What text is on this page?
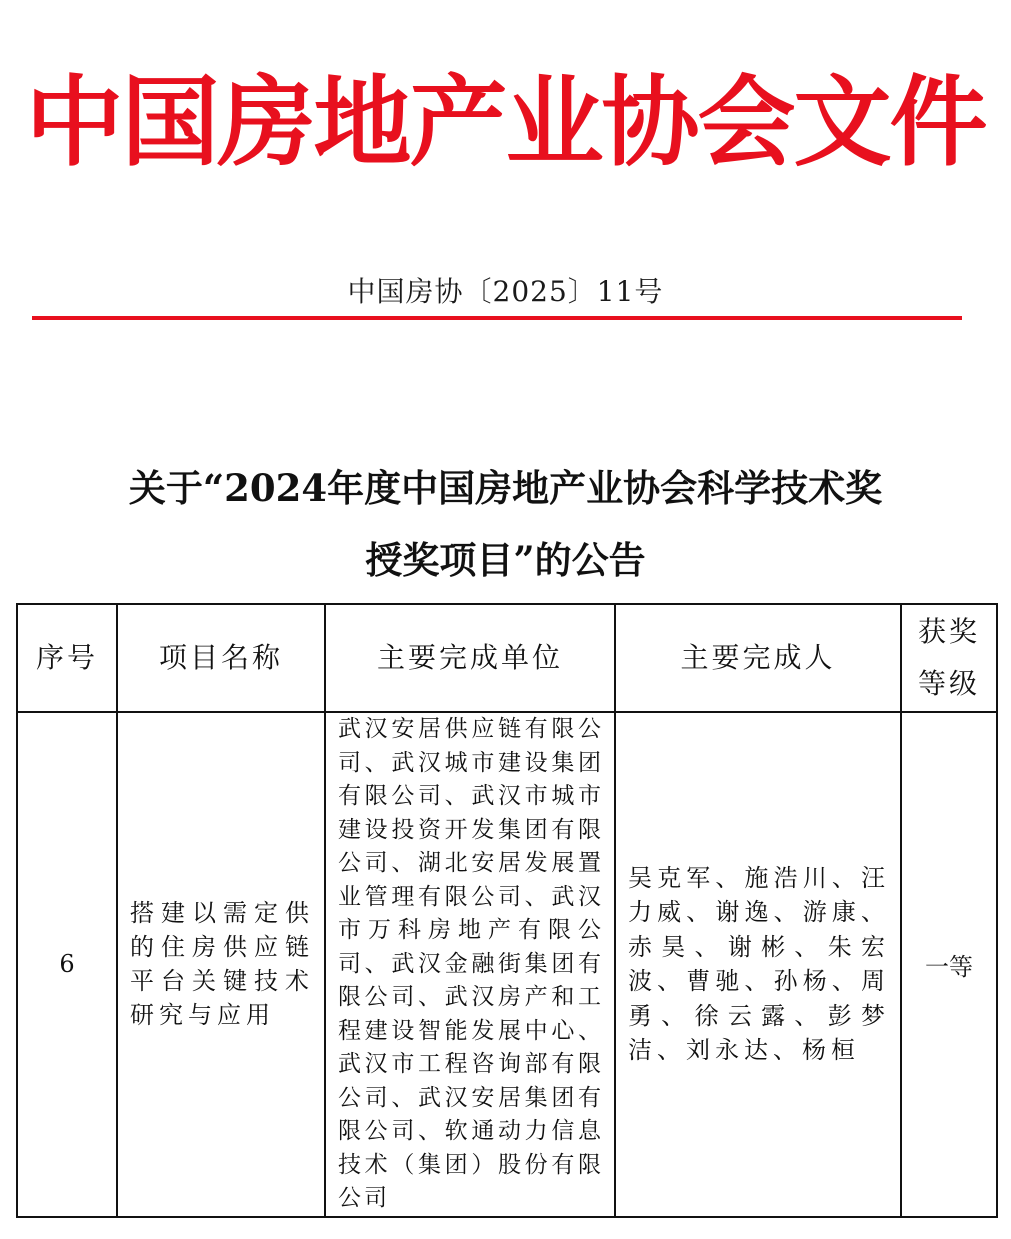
中国房地产业协会文件
中国房协〔2025〕11号
关于“2024年度中国房地产业协会科学技术奖
授奖项目”的公告
序号	项目名称	主要完成单位	主要完成人	获奖
等级

6	搭建以需定供的住房供应链平台关键技术研究与应用	武汉安居供应链有限公司、武汉城市建设集团有限公司、武汉市城市建设投资开发集团有限公司、湖北安居发展置业管理有限公司、武汉市万科房地产有限公司、武汉金融街集团有限公司、武汉房产和工程建设智能发展中心、武汉市工程咨询部有限公司、武汉安居集团有限公司、软通动力信息技术（集团）股份有限公司	吴克军、施浩川、汪力威、谢逸、游康、赤昊、谢彬、朱宏波、曹驰、孙杨、周勇、徐云露、彭梦洁、刘永达、杨桓	一等
